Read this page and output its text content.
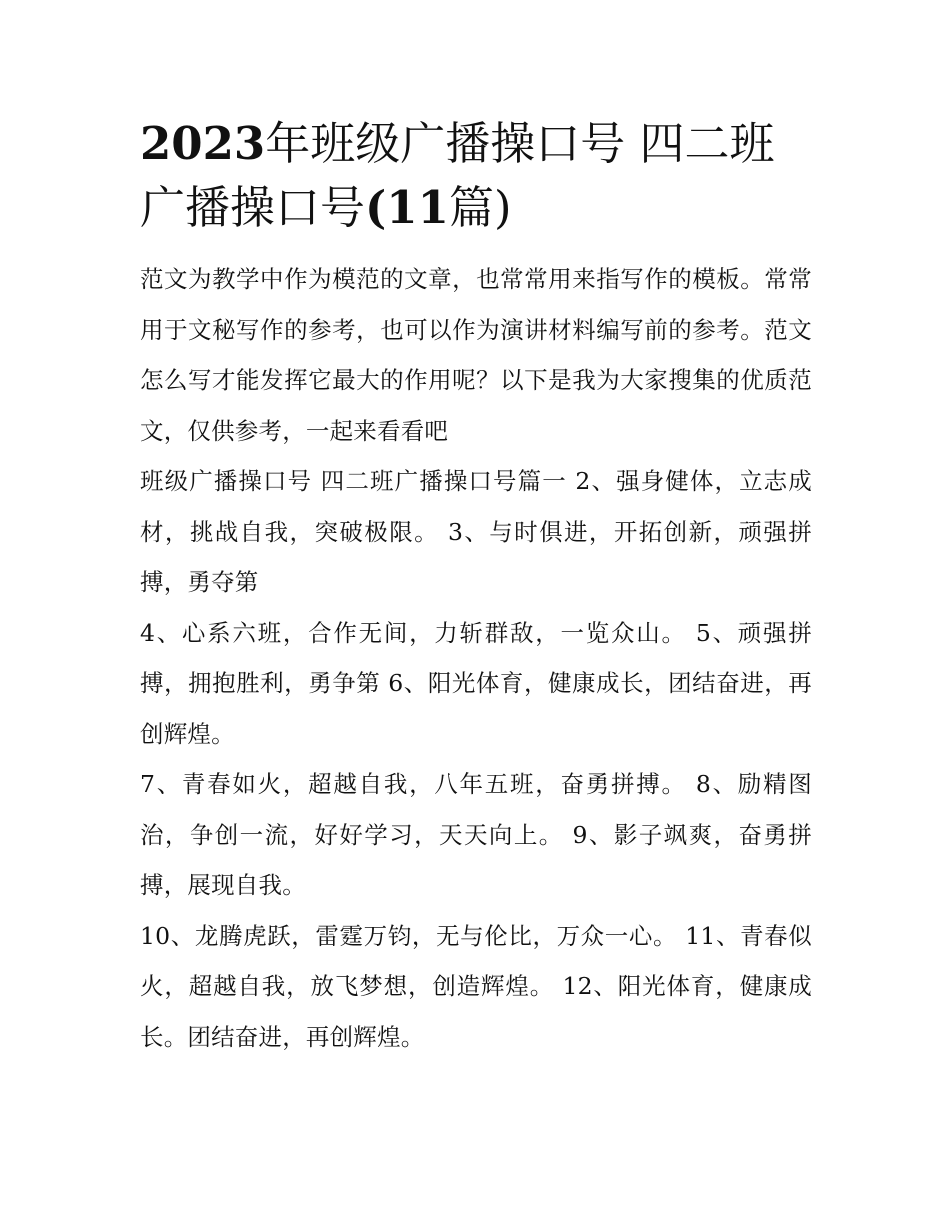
2023年班级广播操口号 四二班广播操口号(11篇)

范文为教学中作为模范的文章，也常常用来指写作的模板。常常用于文秘写作的参考，也可以作为演讲材料编写前的参考。范文怎么写才能发挥它最大的作用呢？以下是我为大家搜集的优质范文，仅供参考，一起来看看吧

班级广播操口号 四二班广播操口号篇一 2、强身健体，立志成材，挑战自我，突破极限。 3、与时俱进，开拓创新，顽强拼搏，勇夺第

4、心系六班，合作无间，力斩群敌，一览众山。 5、顽强拼搏，拥抱胜利，勇争第 6、阳光体育，健康成长，团结奋进，再创辉煌。

7、青春如火，超越自我，八年五班，奋勇拼搏。 8、励精图治，争创一流，好好学习，天天向上。 9、影子飒爽，奋勇拼搏，展现自我。

10、龙腾虎跃，雷霆万钧，无与伦比，万众一心。 11、青春似火，超越自我，放飞梦想，创造辉煌。 12、阳光体育，健康成长。团结奋进，再创辉煌。
